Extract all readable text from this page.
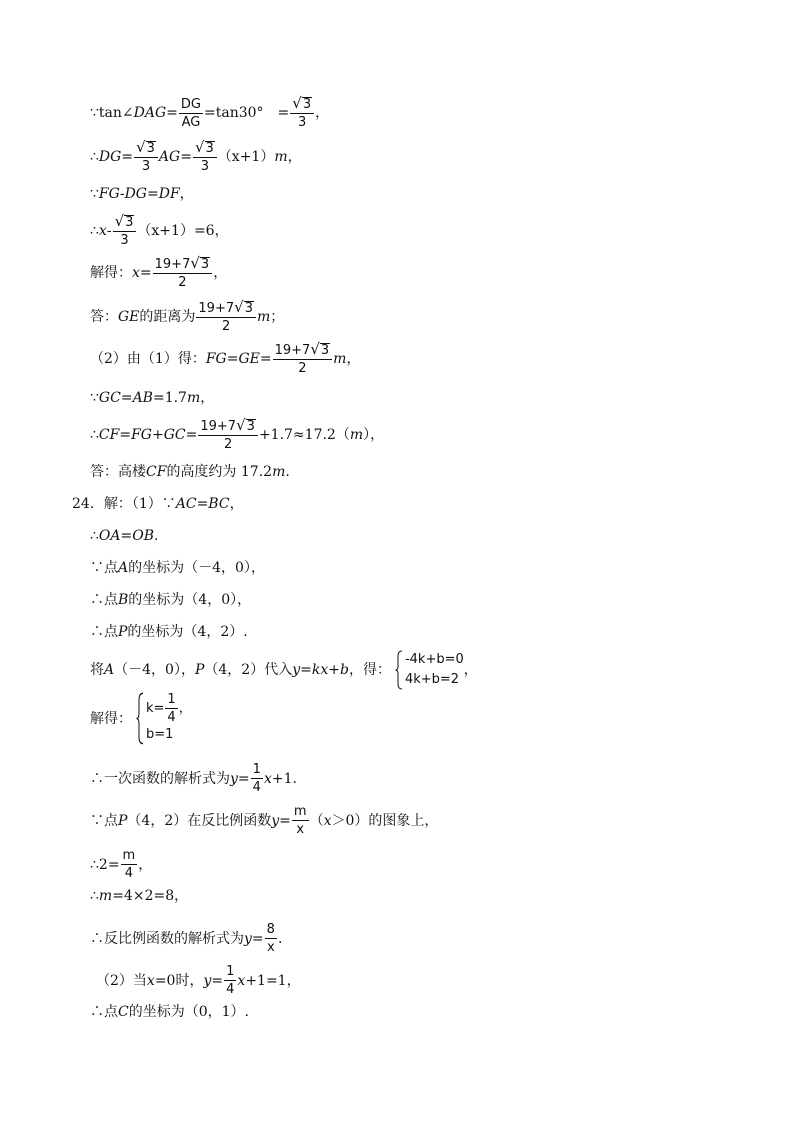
∵tan∠ DAG = $\frac{DG}{AG} =\tan 30^\circ$　= $\frac{√ 3}{3}$ ，
∴ DG = $\frac{√ 3}{3}$ AG = $\frac{√ 3}{3} (x+1)$ m ，
∵ FG - DG = DF ，
∴ $x - \frac{√ 3}{3} (x+1)=6$，
解得： $x = \frac{19+7 √ 3}{2}$ ，
答： GE 的距离为 $\frac{19+7 √ 3}{2}$ m ；
（2）由（1）得： FG = GE = $\frac{19+7 √ 3}{2}$ m ，
∵ GC = AB =1.7 m ，
∴ CF = FG + GC = $\frac{19+7 √ 3}{2} +1.7\approx 17.2$（ m ），
答：高楼 CF 的高度约为 17.2 m .
24．解：（1）∵ AC = BC ，
∴ OA = OB .
∵点 A 的坐标为（－4，0），
∴点 B 的坐标为（4，0），
∴点 P 的坐标为（4，2）.
将 A （－4，0）， P （4，2）代入 y = kx + b ，得：
-4k+b=0
4k+b=2
，
解得：
$k= \frac{1}{4}$ ，
b=1
∴一次函数的解析式为 $y = \frac{1}{4}$ x +1.
∵点 P （4，2）在反比例函数 $y = \frac{m}{x}$ （ x ＞0）的图象上，
∴2= $\frac{m}{4}$ ，
∴ m =4×2=8，
∴反比例函数的解析式为 $y = \frac{8}{x}$ .
（2）当 x =0时， $y = \frac{1}{4}$ x +1=1，
∴点 C 的坐标为（0，1）.
